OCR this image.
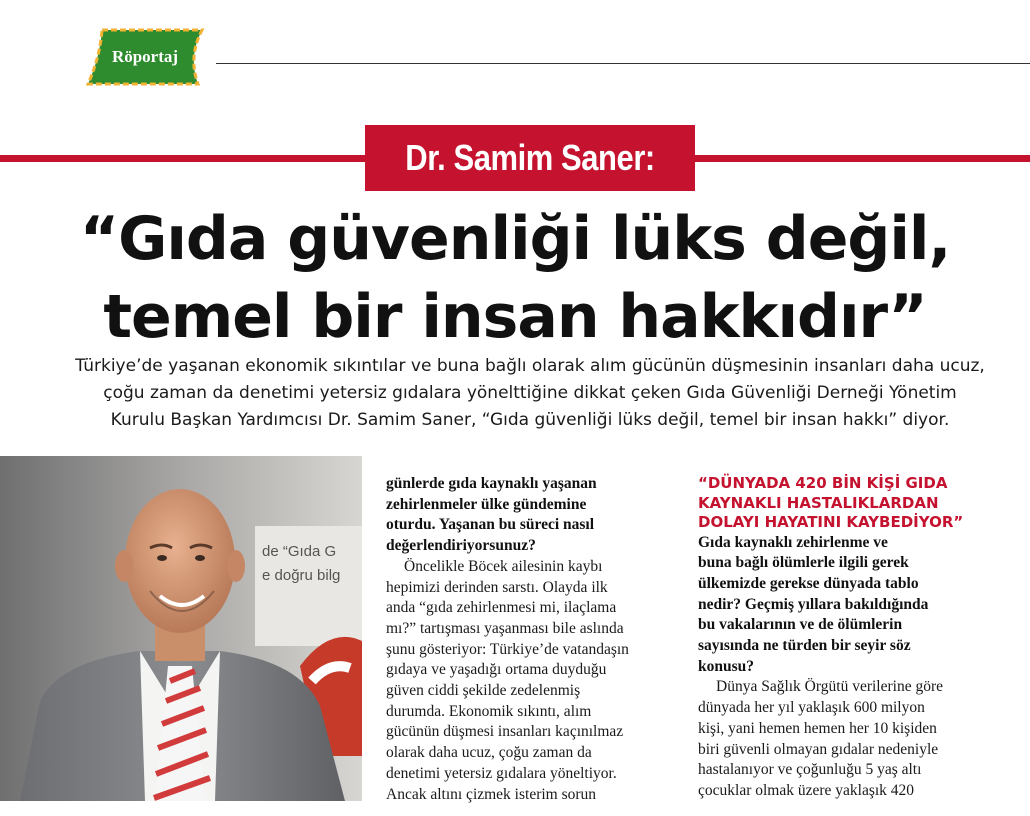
Röportaj
Dr. Samim Saner:
“Gıda güvenliği lüks değil,
temel bir insan hakkıdır”
Türkiye’de yaşanan ekonomik sıkıntılar ve buna bağlı olarak alım gücünün düşmesinin insanları daha ucuz,
çoğu zaman da denetimi yetersiz gıdalara yönelttiğine dikkat çeken Gıda Güvenliği Derneği Yönetim
Kurulu Başkan Yardımcısı Dr. Samim Saner, “Gıda güvenliği lüks değil, temel bir insan hakkı” diyor.
de “Gıda G
e doğru bilg
günlerde gıda kaynaklı yaşanan
zehirlenmeler ülke gündemine
oturdu. Yaşanan bu süreci nasıl
değerlendiriyorsunuz?
Öncelikle Böcek ailesinin kaybı
hepimizi derinden sarstı. Olayda ilk
anda “gıda zehirlenmesi mi, ilaçlama
mı?” tartışması yaşanması bile aslında
şunu gösteriyor: Türkiye’de vatandaşın
gıdaya ve yaşadığı ortama duyduğu
güven ciddi şekilde zedelenmiş
durumda. Ekonomik sıkıntı, alım
gücünün düşmesi insanları kaçınılmaz
olarak daha ucuz, çoğu zaman da
denetimi yetersiz gıdalara yöneltiyor.
Ancak altını çizmek isterim sorun
“DÜNYADA 420 BİN KİŞİ GIDA
KAYNAKLI HASTALIKLARDAN
DOLAYI HAYATINI KAYBEDİYOR”
Gıda kaynaklı zehirlenme ve
buna bağlı ölümlerle ilgili gerek
ülkemizde gerekse dünyada tablo
nedir? Geçmiş yıllara bakıldığında
bu vakalarının ve de ölümlerin
sayısında ne türden bir seyir söz
konusu?
Dünya Sağlık Örgütü verilerine göre
dünyada her yıl yaklaşık 600 milyon
kişi, yani hemen hemen her 10 kişiden
biri güvenli olmayan gıdalar nedeniyle
hastalanıyor ve çoğunluğu 5 yaş altı
çocuklar olmak üzere yaklaşık 420
